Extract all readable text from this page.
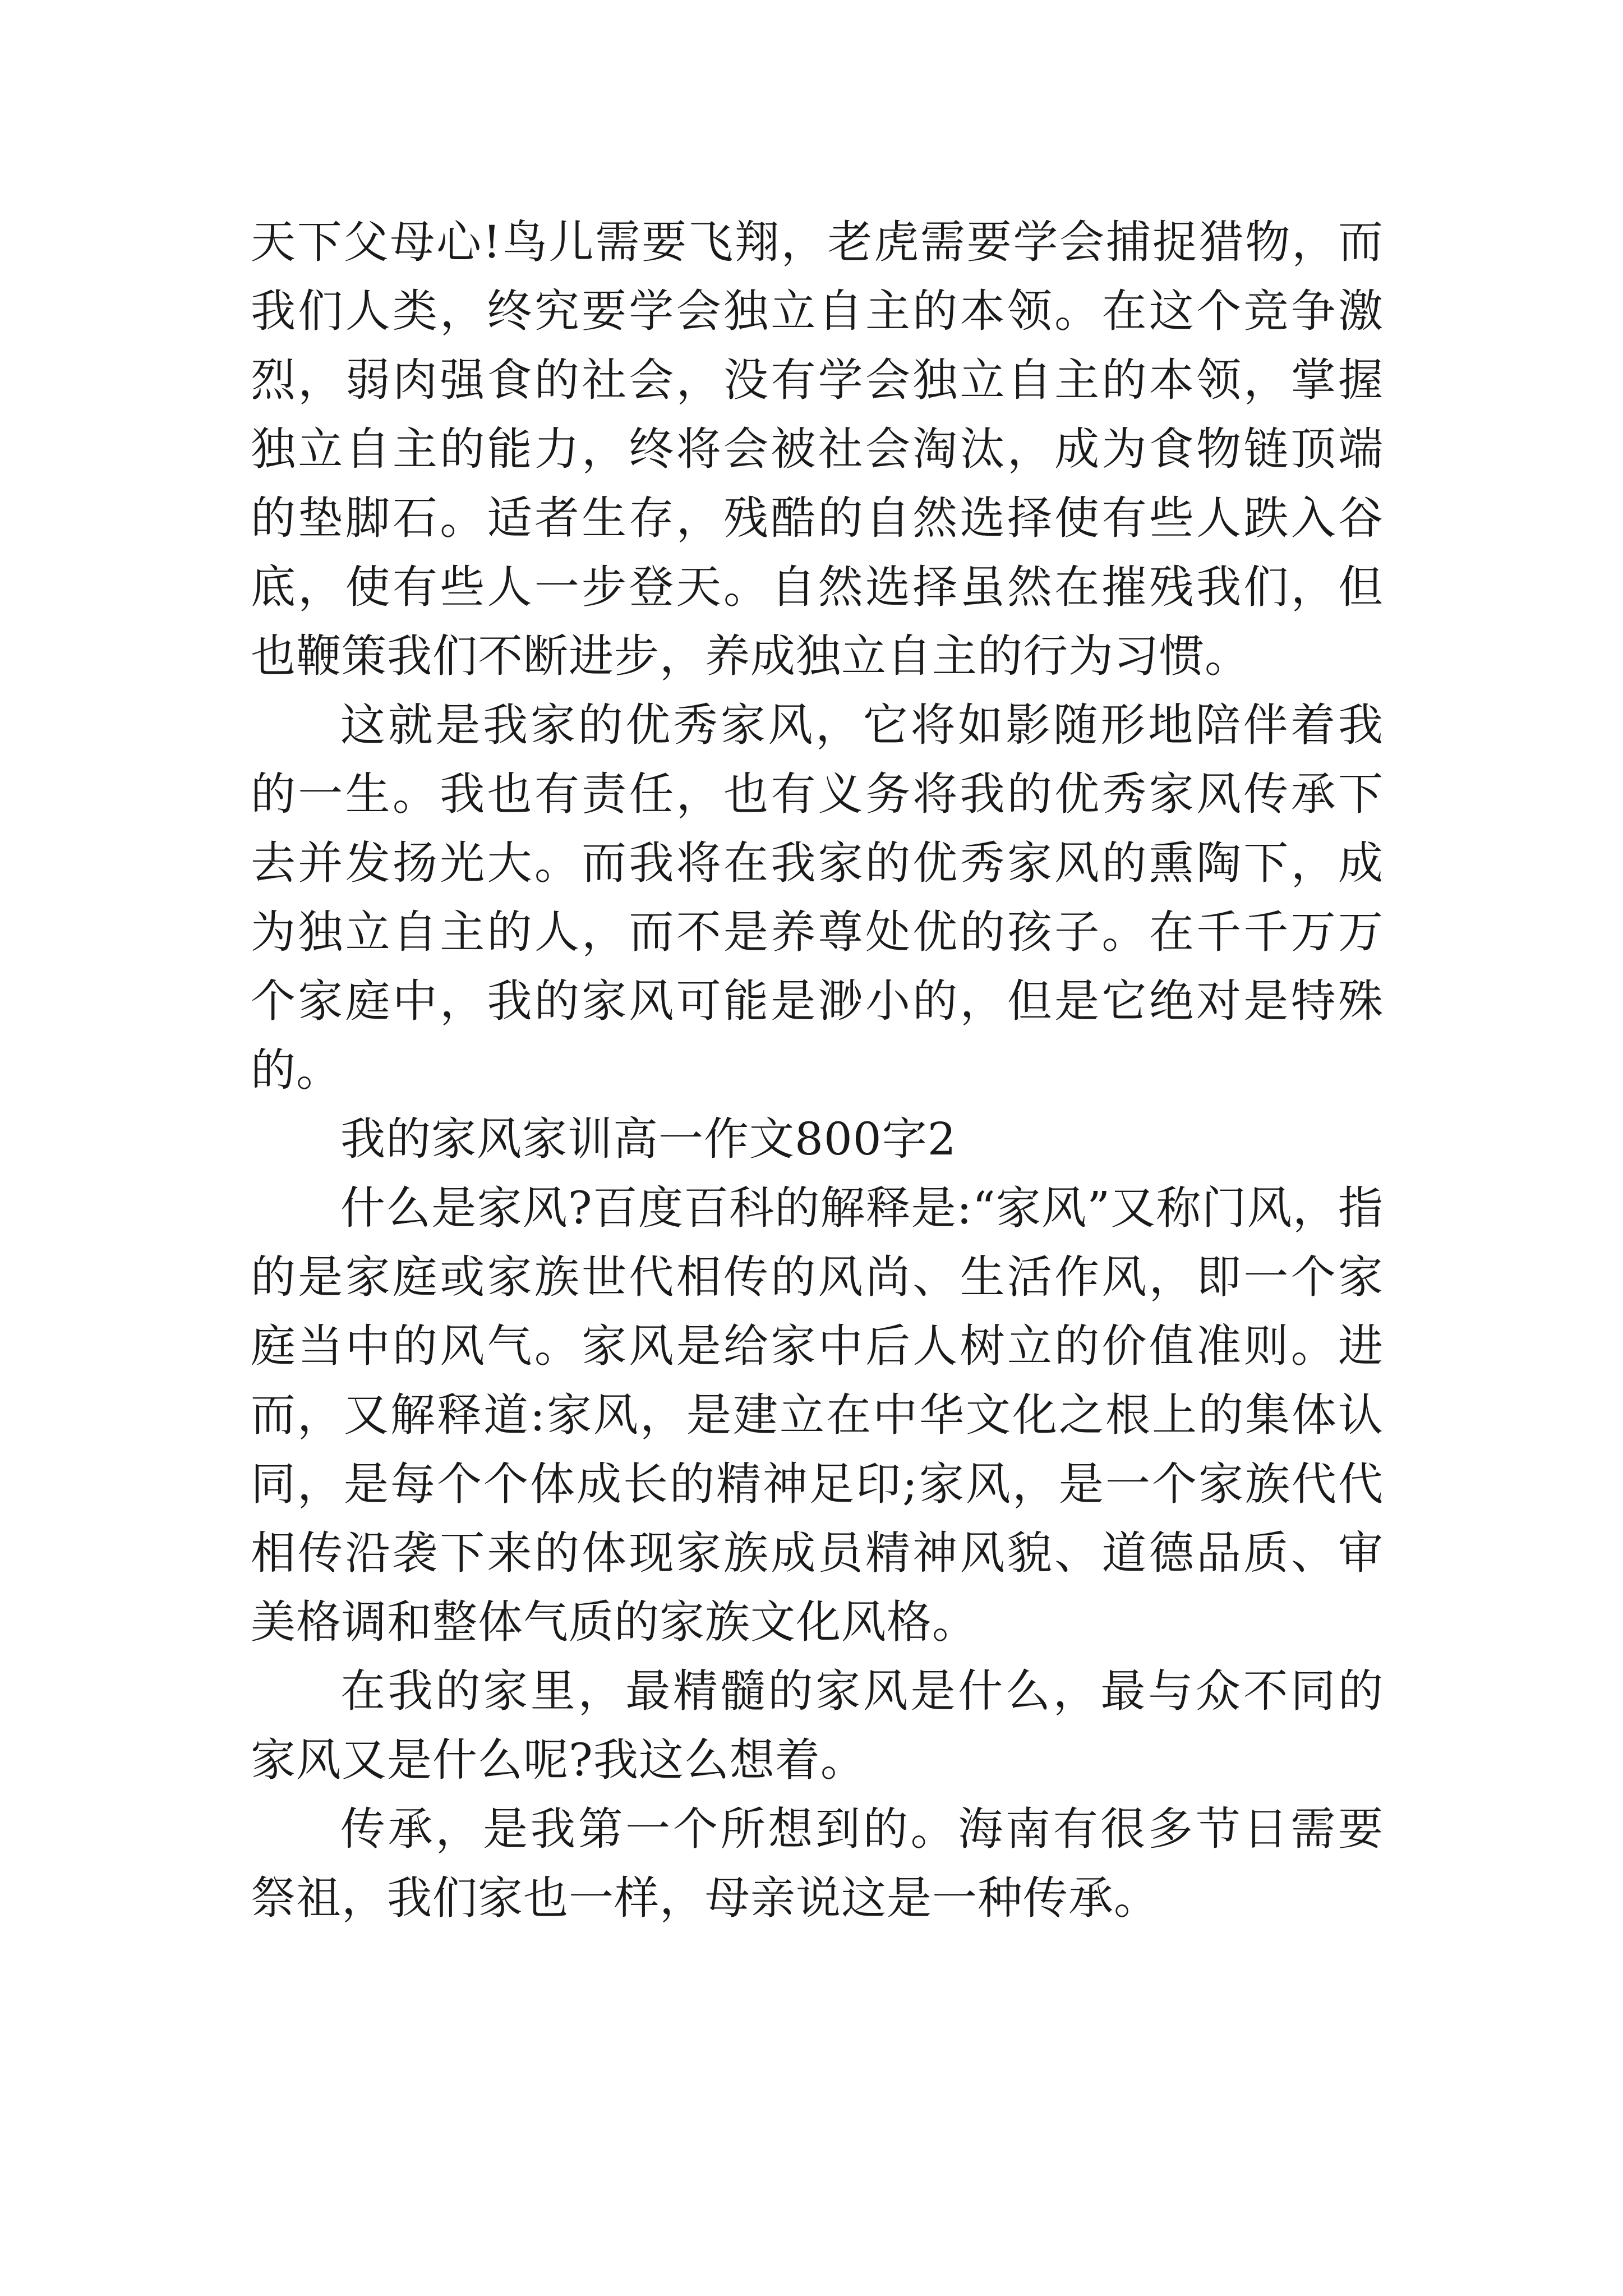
天下父母心!鸟儿需要飞翔，老虎需要学会捕捉猎物，而我们人类，终究要学会独立自主的本领。在这个竞争激烈，弱肉强食的社会，没有学会独立自主的本领，掌握独立自主的能力，终将会被社会淘汰，成为食物链顶端的垫脚石。适者生存，残酷的自然选择使有些人跌入谷底，使有些人一步登天。自然选择虽然在摧残我们，但也鞭策我们不断进步，养成独立自主的行为习惯。

这就是我家的优秀家风，它将如影随形地陪伴着我的一生。我也有责任，也有义务将我的优秀家风传承下去并发扬光大。而我将在我家的优秀家风的熏陶下，成为独立自主的人，而不是养尊处优的孩子。在千千万万个家庭中，我的家风可能是渺小的，但是它绝对是特殊的。

我的家风家训高一作文800字2

什么是家风?百度百科的解释是:“家风”又称门风，指的是家庭或家族世代相传的风尚、生活作风，即一个家庭当中的风气。家风是给家中后人树立的价值准则。进而，又解释道:家风，是建立在中华文化之根上的集体认同，是每个个体成长的精神足印;家风，是一个家族代代相传沿袭下来的体现家族成员精神风貌、道德品质、审美格调和整体气质的家族文化风格。

在我的家里，最精髓的家风是什么，最与众不同的家风又是什么呢?我这么想着。

传承，是我第一个所想到的。海南有很多节日需要祭祖，我们家也一样，母亲说这是一种传承。
